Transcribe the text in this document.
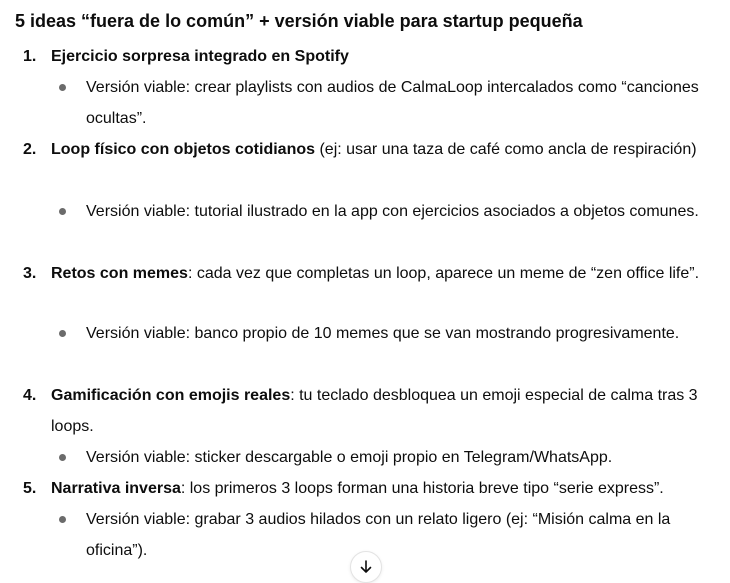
5 ideas “fuera de lo común” + versión viable para startup pequeña
1. Ejercicio sorpresa integrado en Spotify

Versión viable: crear playlists con audios de CalmaLoop intercalados como “canciones ocultas”.

2. Loop físico con objetos cotidianos (ej: usar una taza de café como ancla de respiración)

Versión viable: tutorial ilustrado en la app con ejercicios asociados a objetos comunes.

3. Retos con memes: cada vez que completas un loop, aparece un meme de “zen office life”.

Versión viable: banco propio de 10 memes que se van mostrando progresivamente.

4. Gamificación con emojis reales: tu teclado desbloquea un emoji especial de calma tras 3 loops.

Versión viable: sticker descargable o emoji propio en Telegram/WhatsApp.

5. Narrativa inversa: los primeros 3 loops forman una historia breve tipo “serie express”.

Versión viable: grabar 3 audios hilados con un relato ligero (ej: “Misión calma en la oficina”).
